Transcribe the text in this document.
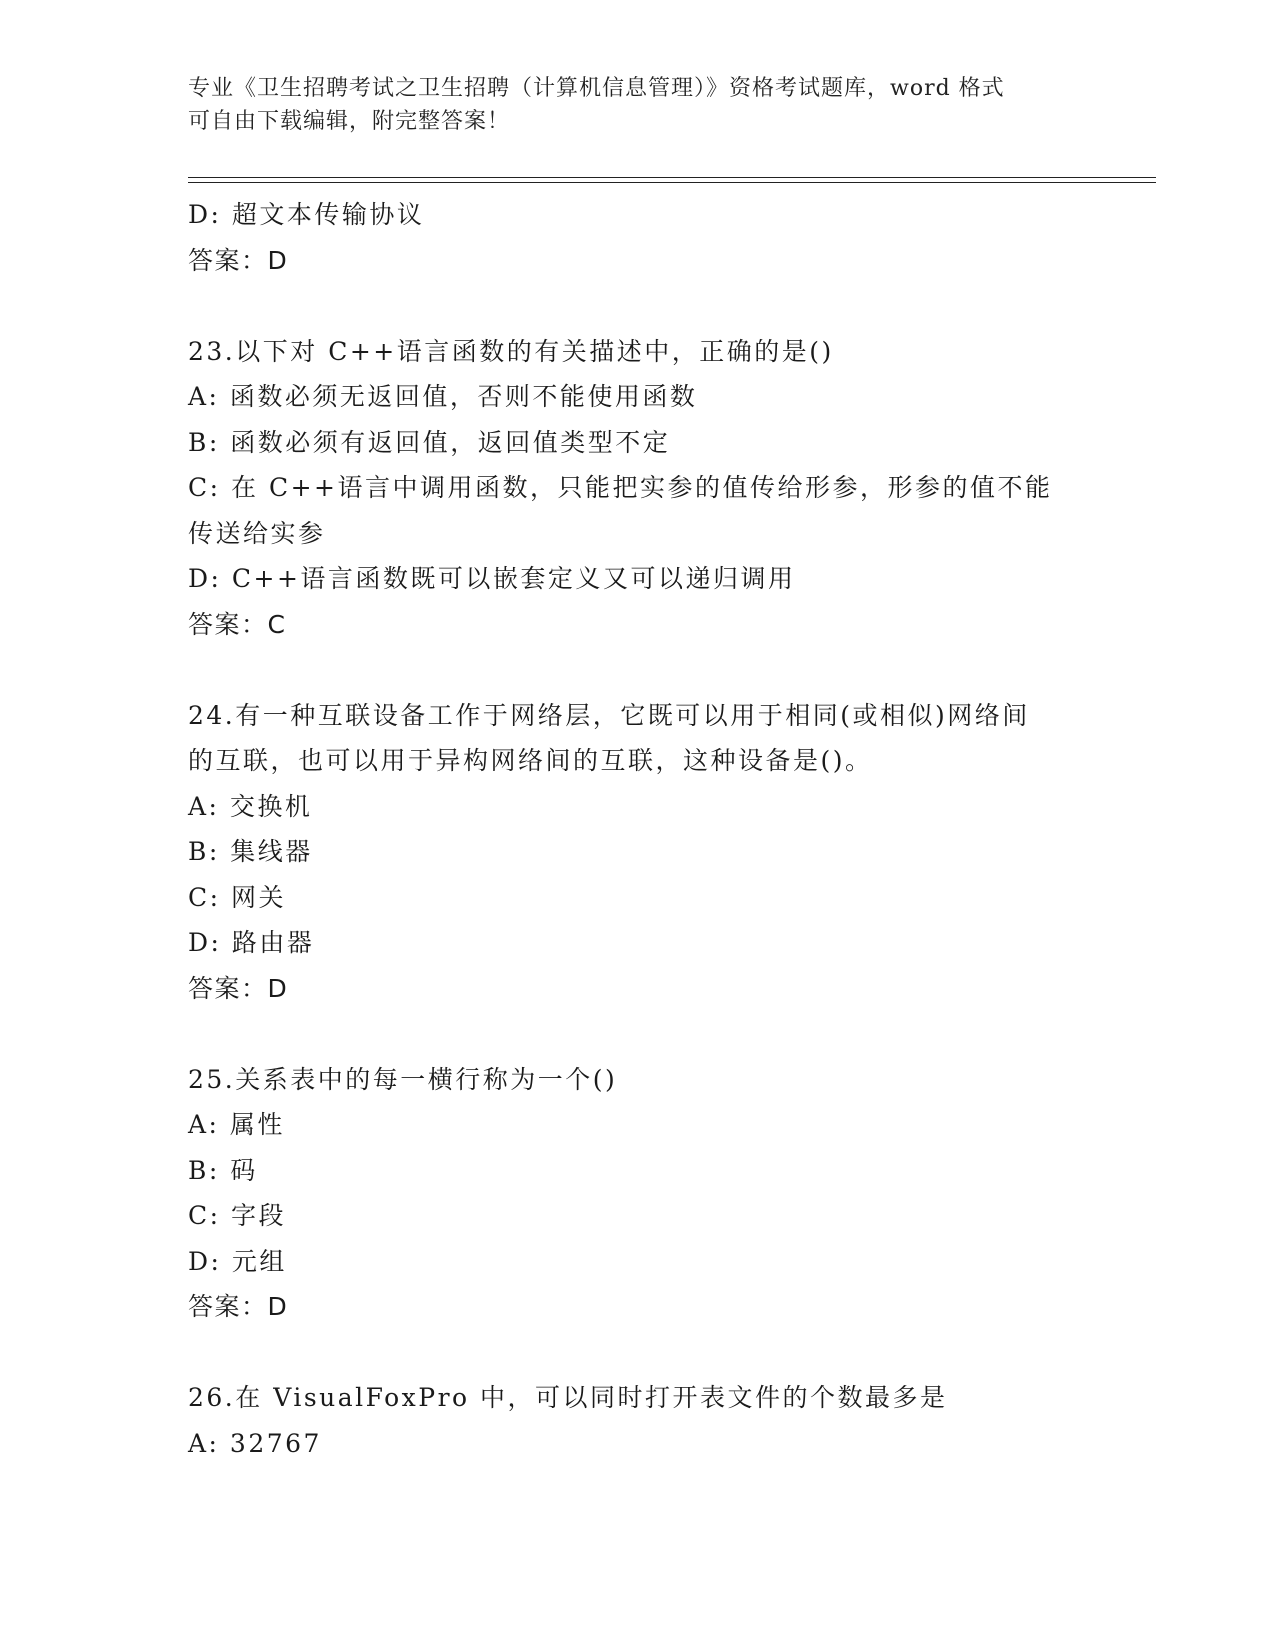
专业《卫生招聘考试之卫生招聘（计算机信息管理）》资格考试题库，word 格式
可自由下载编辑，附完整答案！
D: 超文本传输协议
答案：D
23.以下对 C++语言函数的有关描述中，正确的是()
A: 函数必须无返回值，否则不能使用函数
B: 函数必须有返回值，返回值类型不定
C: 在 C++语言中调用函数，只能把实参的值传给形参，形参的值不能
传送给实参
D: C++语言函数既可以嵌套定义又可以递归调用
答案：C
24.有一种互联设备工作于网络层，它既可以用于相同(或相似)网络间
的互联，也可以用于异构网络间的互联，这种设备是()。
A: 交换机
B: 集线器
C: 网关
D: 路由器
答案：D
25.关系表中的每一横行称为一个()
A: 属性
B: 码
C: 字段
D: 元组
答案：D
26.在 VisualFoxPro 中，可以同时打开表文件的个数最多是
A: 32767
